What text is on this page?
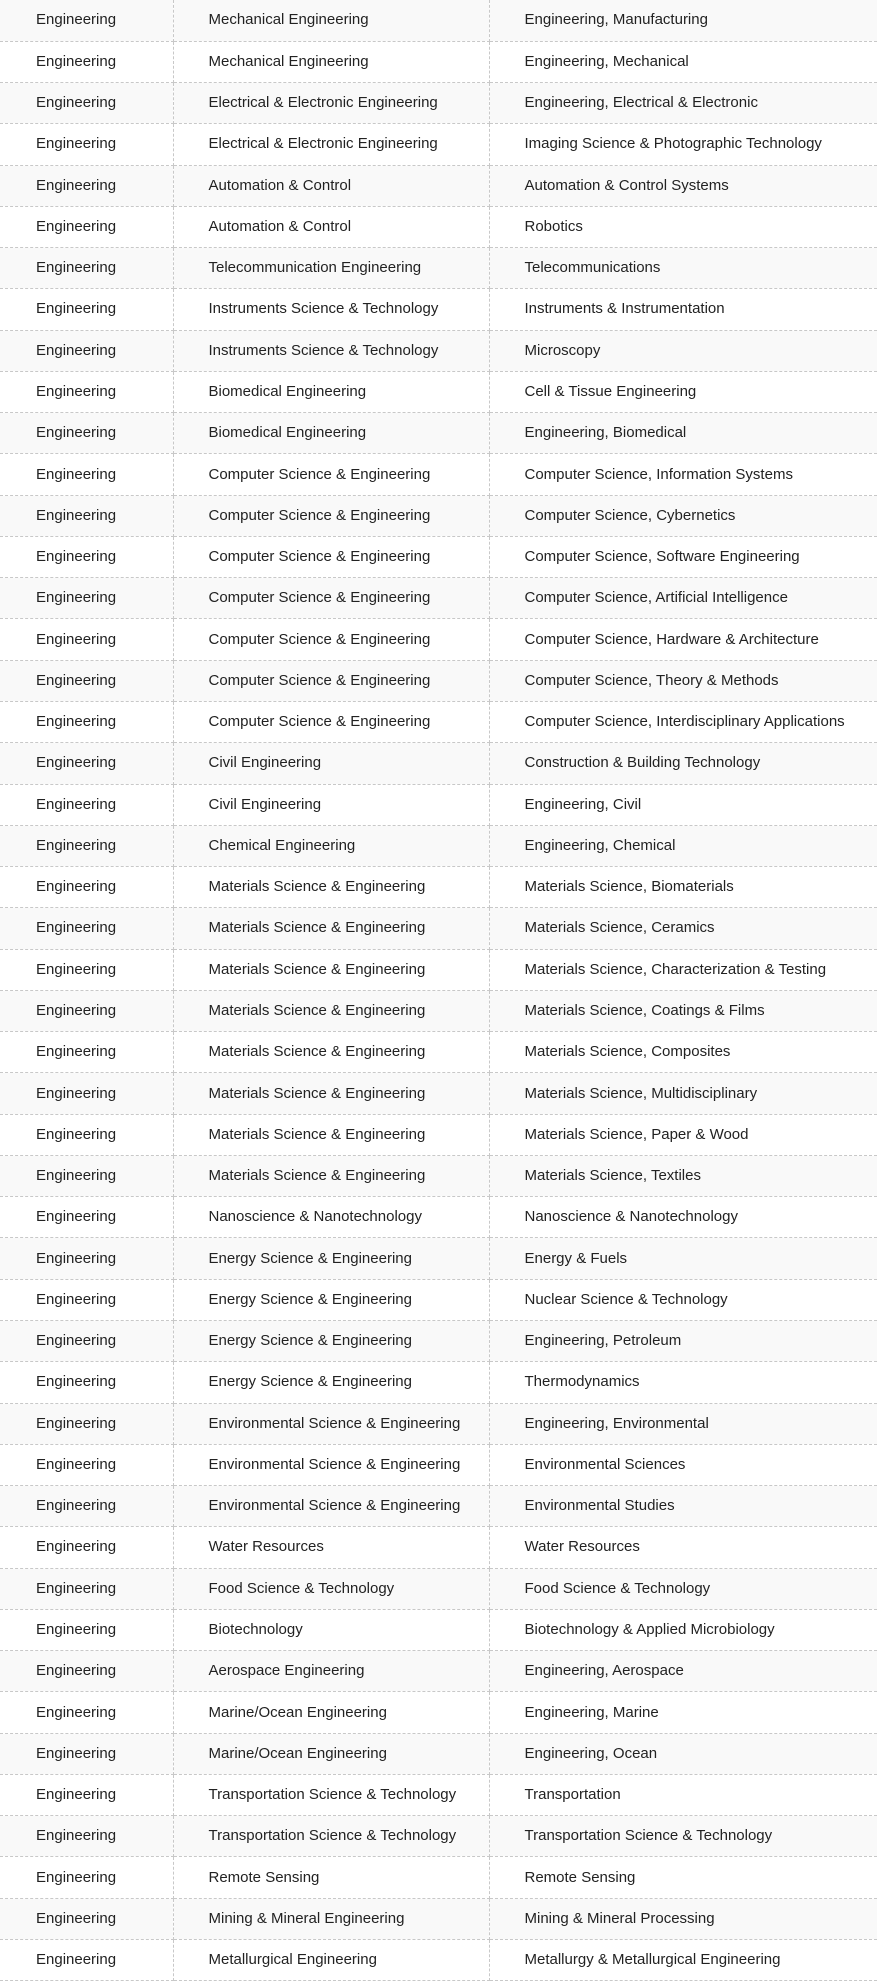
Engineering	Mechanical Engineering	Engineering, Manufacturing
Engineering	Mechanical Engineering	Engineering, Mechanical
Engineering	Electrical & Electronic Engineering	Engineering, Electrical & Electronic
Engineering	Electrical & Electronic Engineering	Imaging Science & Photographic Technology
Engineering	Automation & Control	Automation & Control Systems
Engineering	Automation & Control	Robotics
Engineering	Telecommunication Engineering	Telecommunications
Engineering	Instruments Science & Technology	Instruments & Instrumentation
Engineering	Instruments Science & Technology	Microscopy
Engineering	Biomedical Engineering	Cell & Tissue Engineering
Engineering	Biomedical Engineering	Engineering, Biomedical
Engineering	Computer Science & Engineering	Computer Science, Information Systems
Engineering	Computer Science & Engineering	Computer Science, Cybernetics
Engineering	Computer Science & Engineering	Computer Science, Software Engineering
Engineering	Computer Science & Engineering	Computer Science, Artificial Intelligence
Engineering	Computer Science & Engineering	Computer Science, Hardware & Architecture
Engineering	Computer Science & Engineering	Computer Science, Theory & Methods
Engineering	Computer Science & Engineering	Computer Science, Interdisciplinary Applications
Engineering	Civil Engineering	Construction & Building Technology
Engineering	Civil Engineering	Engineering, Civil
Engineering	Chemical Engineering	Engineering, Chemical
Engineering	Materials Science & Engineering	Materials Science, Biomaterials
Engineering	Materials Science & Engineering	Materials Science, Ceramics
Engineering	Materials Science & Engineering	Materials Science, Characterization & Testing
Engineering	Materials Science & Engineering	Materials Science, Coatings & Films
Engineering	Materials Science & Engineering	Materials Science, Composites
Engineering	Materials Science & Engineering	Materials Science, Multidisciplinary
Engineering	Materials Science & Engineering	Materials Science, Paper & Wood
Engineering	Materials Science & Engineering	Materials Science, Textiles
Engineering	Nanoscience & Nanotechnology	Nanoscience & Nanotechnology
Engineering	Energy Science & Engineering	Energy & Fuels
Engineering	Energy Science & Engineering	Nuclear Science & Technology
Engineering	Energy Science & Engineering	Engineering, Petroleum
Engineering	Energy Science & Engineering	Thermodynamics
Engineering	Environmental Science & Engineering	Engineering, Environmental
Engineering	Environmental Science & Engineering	Environmental Sciences
Engineering	Environmental Science & Engineering	Environmental Studies
Engineering	Water Resources	Water Resources
Engineering	Food Science & Technology	Food Science & Technology
Engineering	Biotechnology	Biotechnology & Applied Microbiology
Engineering	Aerospace Engineering	Engineering, Aerospace
Engineering	Marine/Ocean Engineering	Engineering, Marine
Engineering	Marine/Ocean Engineering	Engineering, Ocean
Engineering	Transportation Science & Technology	Transportation
Engineering	Transportation Science & Technology	Transportation Science & Technology
Engineering	Remote Sensing	Remote Sensing
Engineering	Mining & Mineral Engineering	Mining & Mineral Processing
Engineering	Metallurgical Engineering	Metallurgy & Metallurgical Engineering
